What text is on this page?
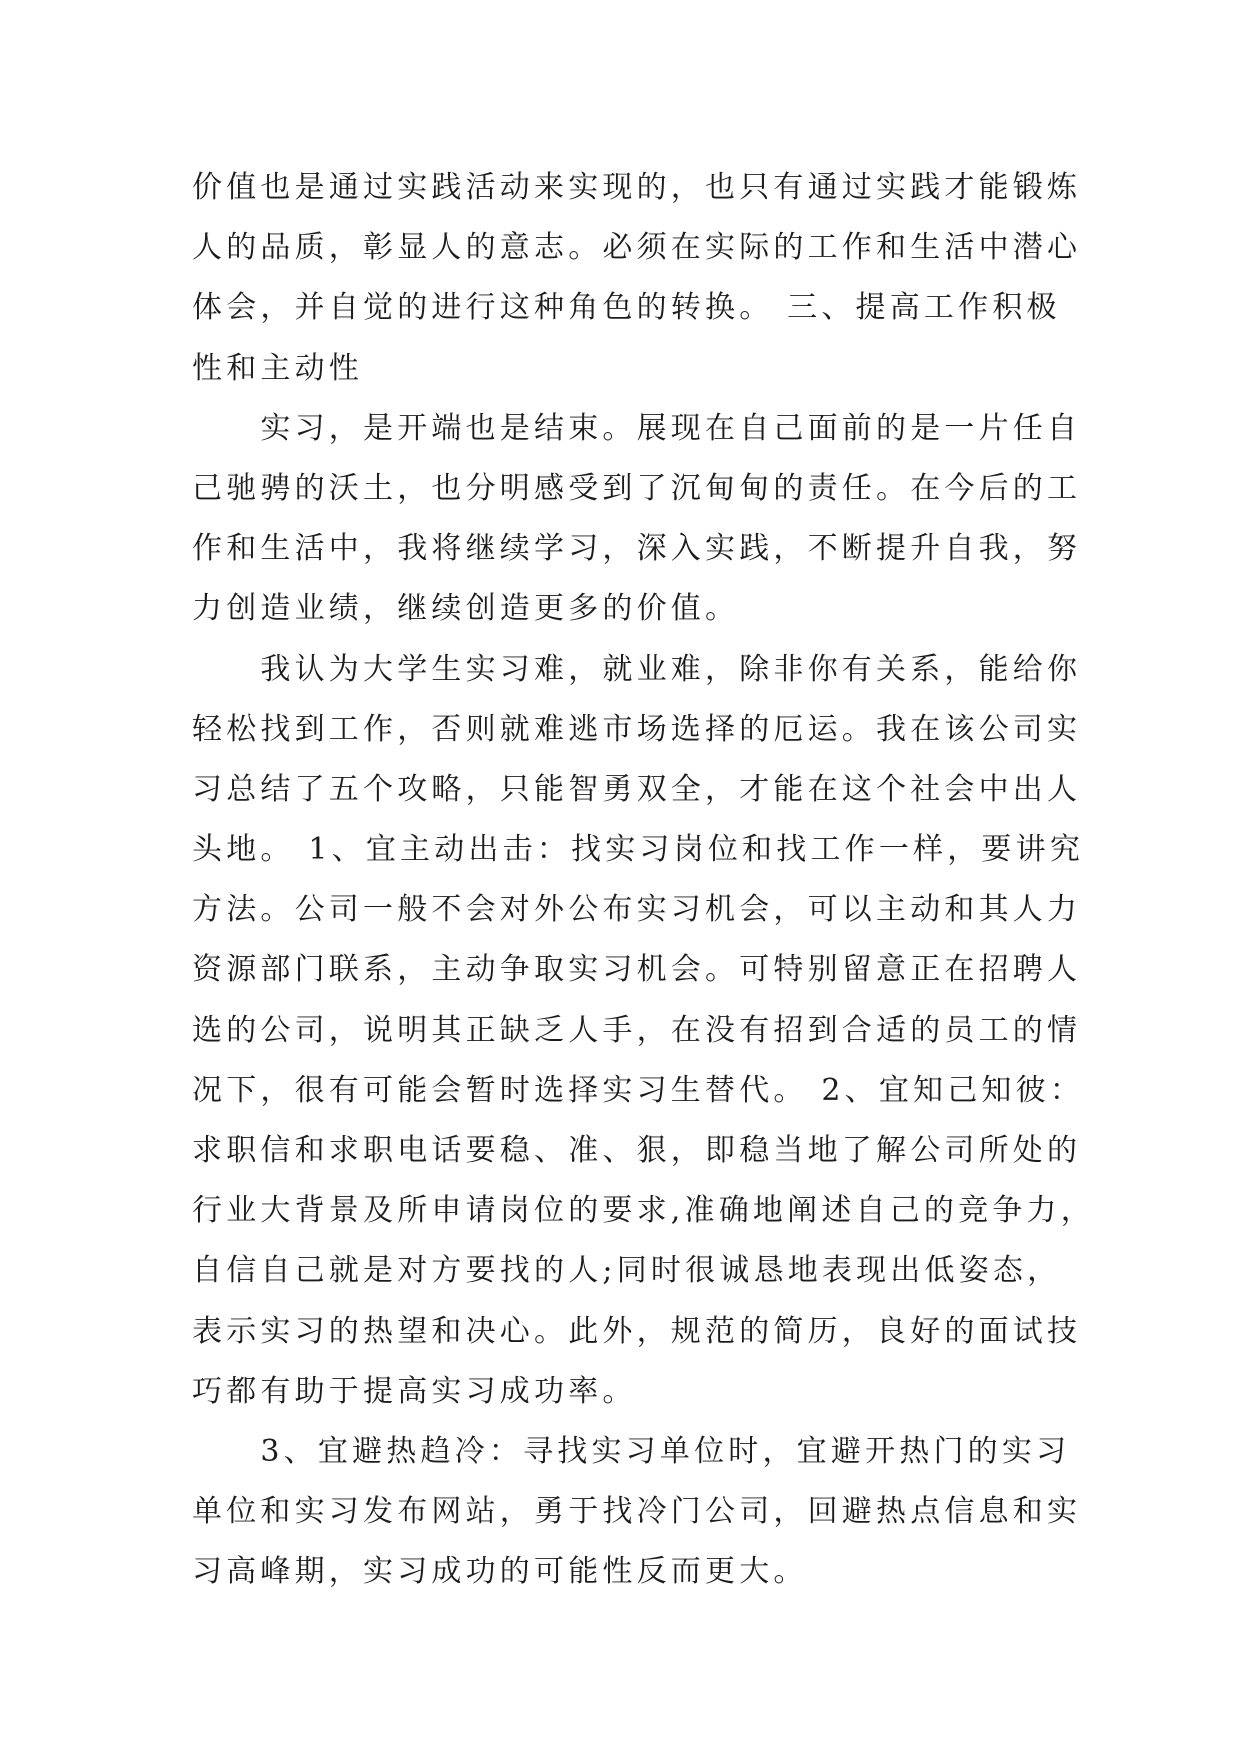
价值也是通过实践活动来实现的，也只有通过实践才能锻炼
人的品质，彰显人的意志。必须在实际的工作和生活中潜心
体会，并自觉的进行这种角色的转换。 三、提高工作积极
性和主动性
　　实习，是开端也是结束。展现在自己面前的是一片任自
己驰骋的沃土，也分明感受到了沉甸甸的责任。在今后的工
作和生活中，我将继续学习，深入实践，不断提升自我，努
力创造业绩，继续创造更多的价值。
　　我认为大学生实习难，就业难，除非你有关系，能给你
轻松找到工作，否则就难逃市场选择的厄运。我在该公司实
习总结了五个攻略，只能智勇双全，才能在这个社会中出人
头地。 1、宜主动出击：找实习岗位和找工作一样，要讲究
方法。公司一般不会对外公布实习机会，可以主动和其人力
资源部门联系，主动争取实习机会。可特别留意正在招聘人
选的公司，说明其正缺乏人手，在没有招到合适的员工的情
况下，很有可能会暂时选择实习生替代。 2、宜知己知彼：
求职信和求职电话要稳、准、狠，即稳当地了解公司所处的
行业大背景及所申请岗位的要求,准确地阐述自己的竞争力，
自信自己就是对方要找的人;同时很诚恳地表现出低姿态，
表示实习的热望和决心。此外，规范的简历，良好的面试技
巧都有助于提高实习成功率。
　　3、宜避热趋冷：寻找实习单位时，宜避开热门的实习
单位和实习发布网站，勇于找冷门公司，回避热点信息和实
习高峰期，实习成功的可能性反而更大。
